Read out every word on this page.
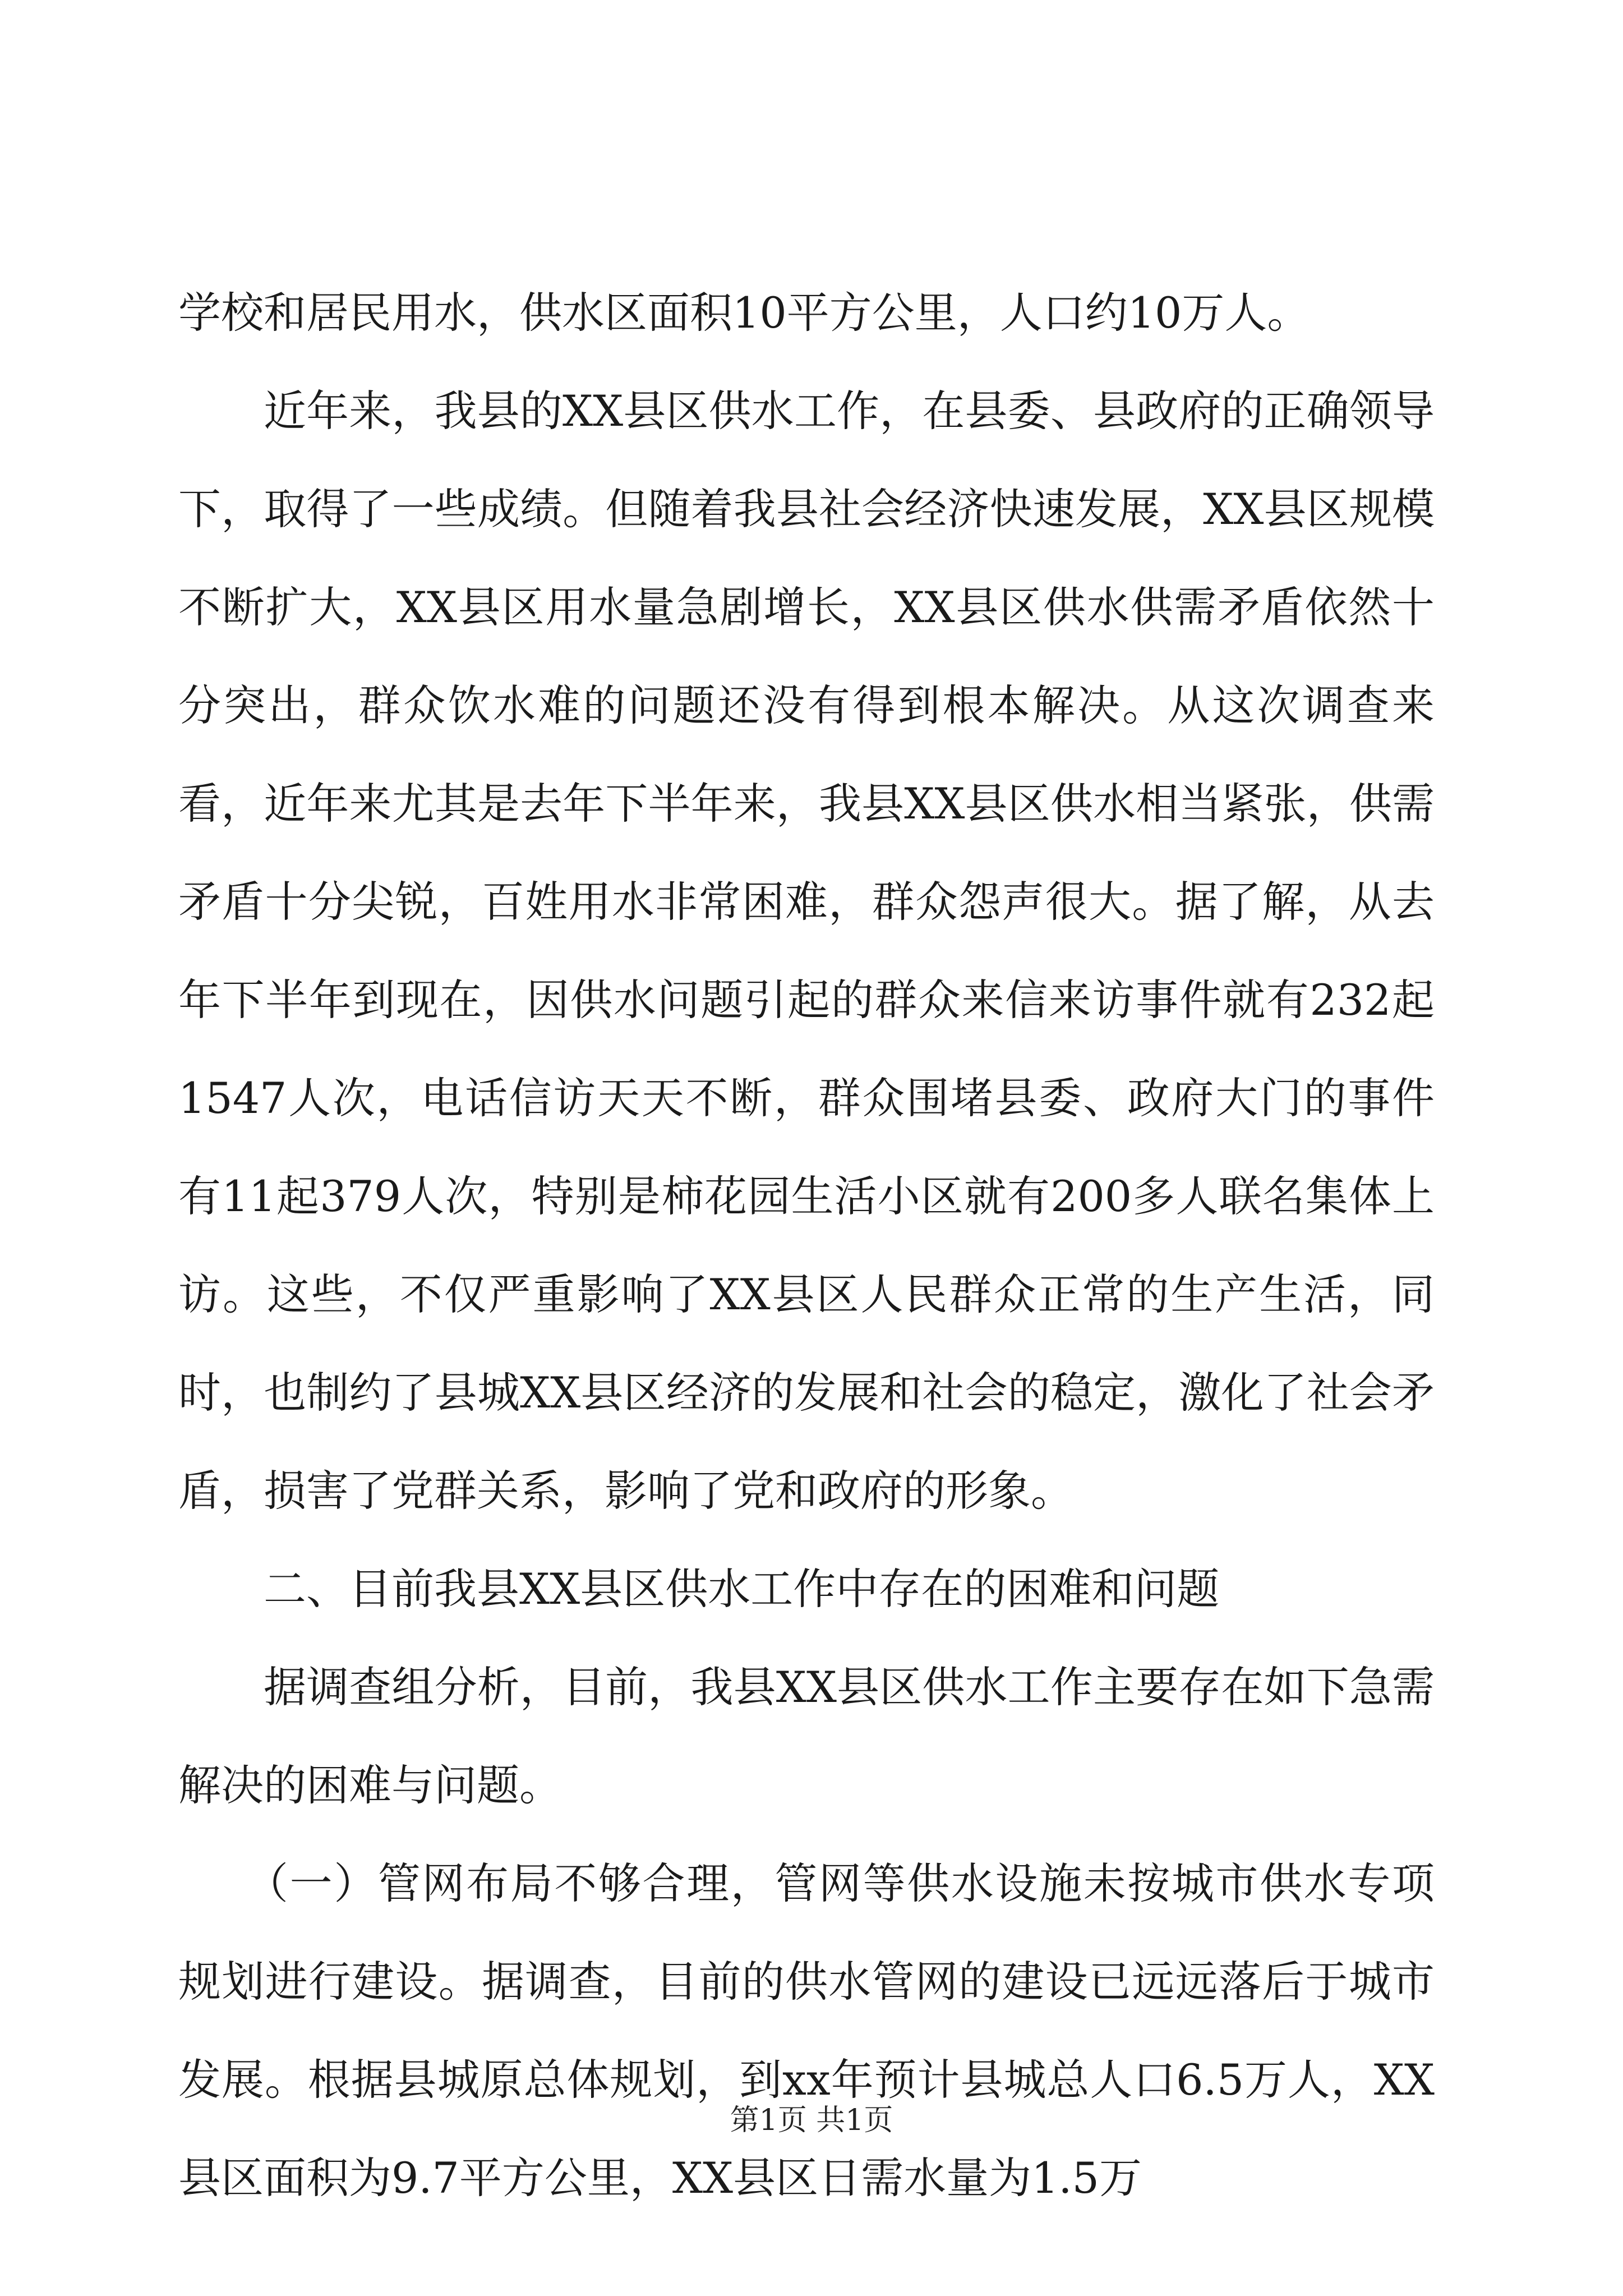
学校和居民用水，供水区面积10平方公里，人口约10万人。

近年来，我县的XX县区供水工作，在县委、县政府的正确领导下，取得了一些成绩。但随着我县社会经济快速发展，XX县区规模不断扩大，XX县区用水量急剧增长，XX县区供水供需矛盾依然十分突出，群众饮水难的问题还没有得到根本解决。从这次调查来看，近年来尤其是去年下半年来，我县XX县区供水相当紧张，供需矛盾十分尖锐，百姓用水非常困难，群众怨声很大。据了解，从去年下半年到现在，因供水问题引起的群众来信来访事件就有232起1547人次，电话信访天天不断，群众围堵县委、政府大门的事件有11起379人次，特别是柿花园生活小区就有200多人联名集体上访。这些，不仅严重影响了XX县区人民群众正常的生产生活，同时，也制约了县城XX县区经济的发展和社会的稳定，激化了社会矛盾，损害了党群关系，影响了党和政府的形象。

二、目前我县XX县区供水工作中存在的困难和问题

据调查组分析，目前，我县XX县区供水工作主要存在如下急需解决的困难与问题。

（一）管网布局不够合理，管网等供水设施未按城市供水专项规划进行建设。据调查，目前的供水管网的建设已远远落后于城市发展。根据县城原总体规划，到xx年预计县城总人口6.5万人，XX县区面积为9.7平方公里，XX县区日需水量为1.5万

第1页 共1页
